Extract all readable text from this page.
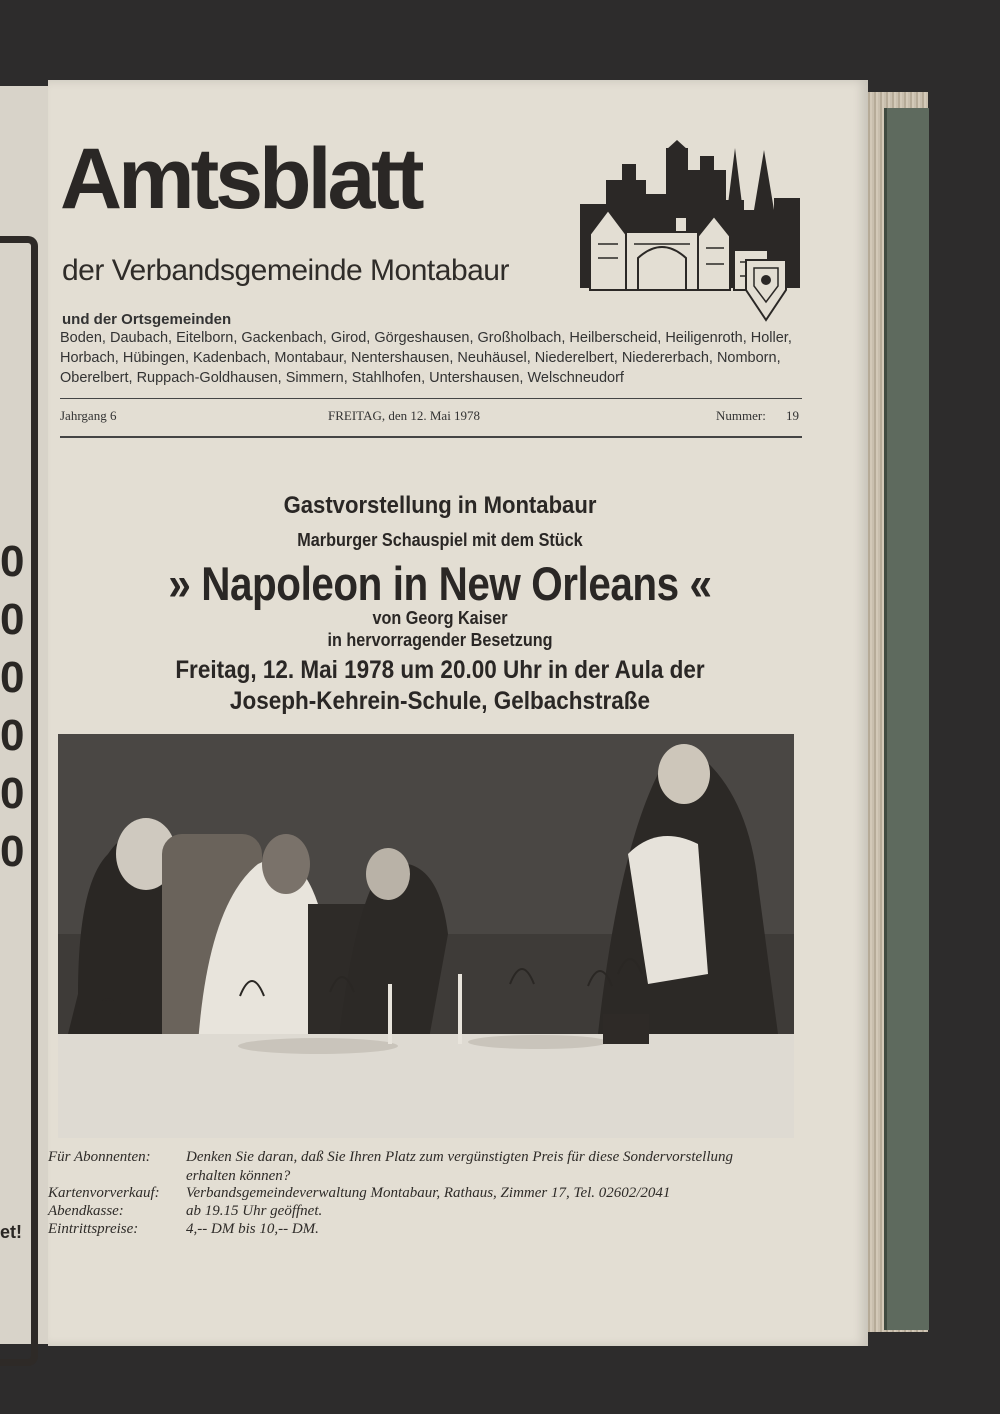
0
0
0
0
0
0
et!
Amtsblatt
der Verbandsgemeinde Montabaur
und der Ortsgemeinden
Boden, Daubach, Eitelborn, Gackenbach, Girod, Görgeshausen, Großholbach, Heilberscheid, Heiligenroth, Holler,
Horbach, Hübingen, Kadenbach, Montabaur, Nentershausen, Neuhäusel, Niederelbert, Niedererbach, Nomborn,
Oberelbert, Ruppach-Goldhausen, Simmern, Stahlhofen, Untershausen, Welschneudorf
Jahrgang 6	FREITAG, den 12. Mai 1978	Nummer: 19
Gastvorstellung in Montabaur
Marburger Schauspiel mit dem Stück
» Napoleon in New Orleans «
von Georg Kaiser
in hervorragender Besetzung
Freitag, 12. Mai 1978 um 20.00 Uhr in der Aula der
Joseph-Kehrein-Schule, Gelbachstraße
Für Abonnenten: Denken Sie daran, daß Sie Ihren Platz zum vergünstigten Preis für diese Sondervorstellung
erhalten können?
Kartenvorverkauf: Verbandsgemeindeverwaltung Montabaur, Rathaus, Zimmer 17, Tel. 02602/2041
Abendkasse:	ab 19.15 Uhr geöffnet.
Eintrittspreise:	4,-- DM bis 10,-- DM.
